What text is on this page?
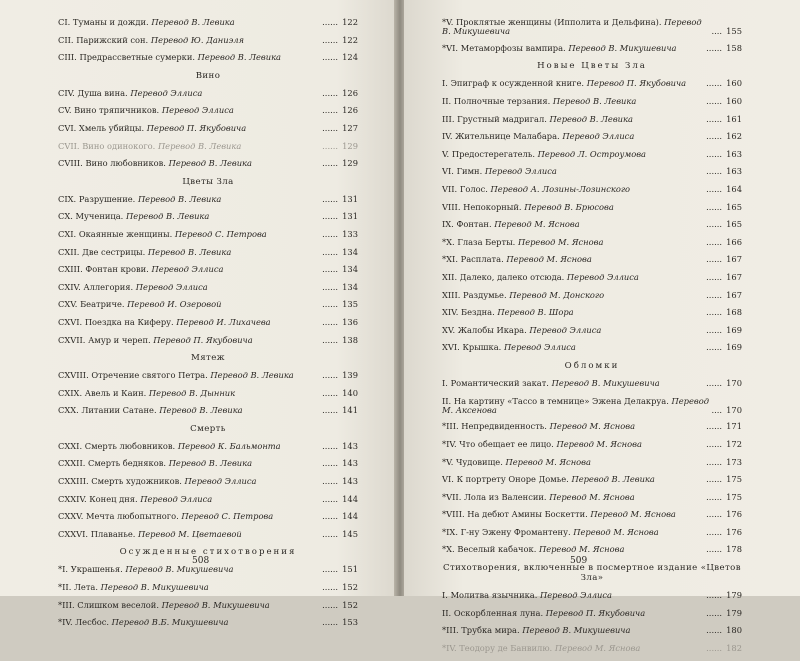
CI. Туманы и дожди. Перевод В. Левика	...... 122
CII. Парижский сон. Перевод Ю. Даниэля	...... 122
CIII. Предрассветные сумерки. Перевод В. Левика	...... 124
Вино
CIV. Душа вина. Перевод Эллиса	...... 126
CV. Вино тряпичников. Перевод Эллиса	...... 126
CVI. Хмель убийцы. Перевод П. Якубовича	...... 127
CVII. Вино одинокого. Перевод В. Левика	...... 129
CVIII. Вино любовников. Перевод В. Левика	...... 129
Цветы Зла
CIX. Разрушение. Перевод В. Левика	...... 131
CX. Мученица. Перевод В. Левика	...... 131
CXI. Окаянные женщины. Перевод С. Петрова	...... 133
CXII. Две сестрицы. Перевод В. Левика	...... 134
CXIII. Фонтан крови. Перевод Эллиса	...... 134
CXIV. Аллегория. Перевод Эллиса	...... 134
CXV. Беатриче. Перевод И. Озеровой	...... 135
CXVI. Поездка на Киферу. Перевод И. Лихачева	...... 136
CXVII. Амур и череп. Перевод П. Якубовича	...... 138
Мятеж
CXVIII. Отречение святого Петра. Перевод В. Левика	...... 139
CXIX. Авель и Каин. Перевод В. Дынник	...... 140
CXX. Литании Сатане. Перевод В. Левика	...... 141
Смерть
CXXI. Смерть любовников. Перевод К. Бальмонта	...... 143
CXXII. Смерть бедняков. Перевод В. Левика	...... 143
CXXIII. Смерть художников. Перевод Эллиса	...... 143
CXXIV. Конец дня. Перевод Эллиса	...... 144
CXXV. Мечта любопытного. Перевод С. Петрова	...... 144
CXXVI. Плаванье. Перевод М. Цветаевой	...... 145
Осужденные стихотворения
*I. Украшенья. Перевод В. Микушевича	...... 151
*II. Лета. Перевод В. Микушевича	...... 152
*III. Слишком веселой. Перевод В. Микушевича	...... 152
*IV. Лесбос. Перевод В.Б. Микушевича	...... 153
508
*V. Проклятые женщины (Ипполита и Дельфина). Перевод В. Микушевича	.... 155
*VI. Метаморфозы вампира. Перевод В. Микушевича	...... 158
Новые Цветы Зла
I. Эпиграф к осужденной книге. Перевод П. Якубовича	...... 160
II. Полночные терзания. Перевод В. Левика	...... 160
III. Грустный мадригал. Перевод В. Левика	...... 161
IV. Жительнице Малабара. Перевод Эллиса	...... 162
V. Предостерегатель. Перевод Л. Остроумова	...... 163
VI. Гимн. Перевод Эллиса	...... 163
VII. Голос. Перевод А. Лозины-Лозинского	...... 164
VIII. Непокорный. Перевод В. Брюсова	...... 165
IX. Фонтан. Перевод М. Яснова	...... 165
*X. Глаза Берты. Перевод М. Яснова	...... 166
*XI. Расплата. Перевод М. Яснова	...... 167
XII. Далеко, далеко отсюда. Перевод Эллиса	...... 167
XIII. Раздумье. Перевод М. Донского	...... 167
XIV. Бездна. Перевод В. Шора	...... 168
XV. Жалобы Икара. Перевод Эллиса	...... 169
XVI. Крышка. Перевод Эллиса	...... 169
Обломки
I. Романтический закат. Перевод В. Микушевича	...... 170
II. На картину «Тассо в темнице» Эжена Делакруа. Перевод М. Аксенова	.... 170
*III. Непредвиденность. Перевод М. Яснова	...... 171
*IV. Что обещает ее лицо. Перевод М. Яснова	...... 172
*V. Чудовище. Перевод М. Яснова	...... 173
VI. К портрету Оноре Домье. Перевод В. Левика	...... 175
*VII. Лола из Валенсии. Перевод М. Яснова	...... 175
*VIII. На дебют Амины Боскетти. Перевод М. Яснова	...... 176
*IX. Г-ну Эжену Фромантену. Перевод М. Яснова	...... 176
*X. Веселый кабачок. Перевод М. Яснова	...... 178
Стихотворения, включенные в посмертное издание «Цветов Зла»
I. Молитва язычника. Перевод Эллиса	...... 179
II. Оскорбленная луна. Перевод П. Якубовича	...... 179
*III. Трубка мира. Перевод В. Микушевича	...... 180
*IV. Теодору де Банвилю. Перевод М. Яснова	...... 182
509
